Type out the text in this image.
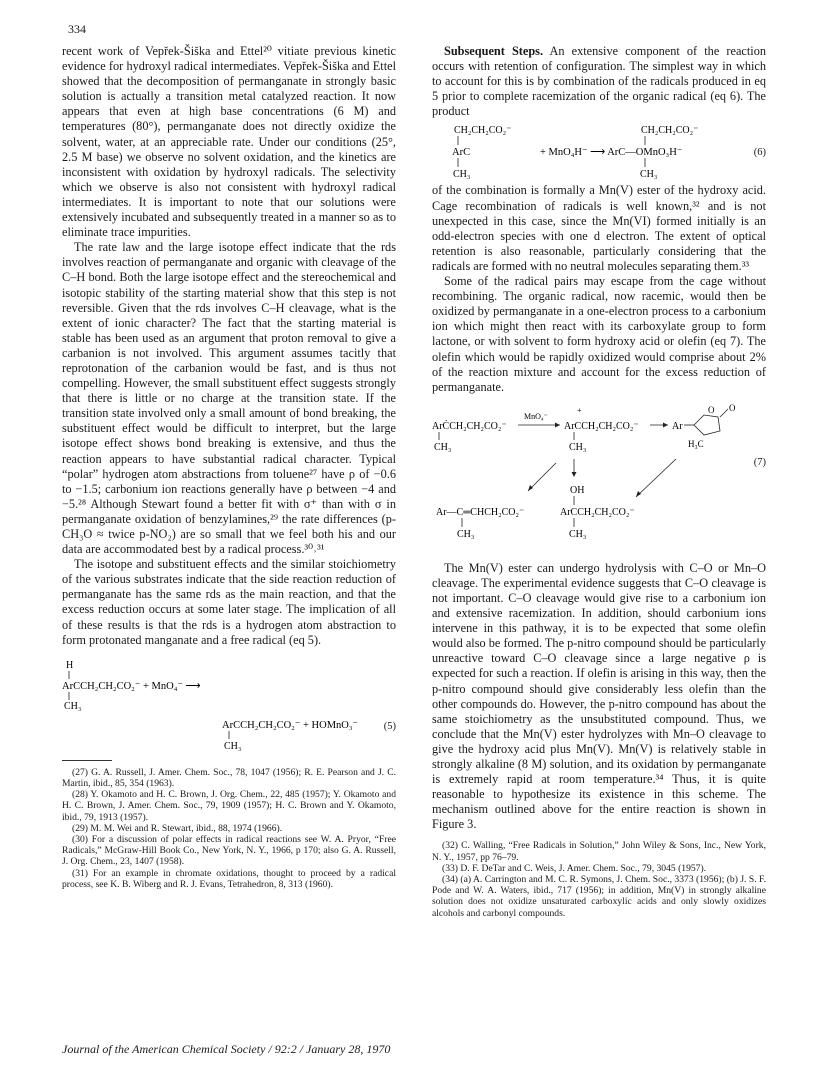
334

recent work of Vepřek-Šiška and Ettel²⁰ vitiate previous kinetic evidence for hydroxyl radical intermediates. Vepřek-Šiška and Ettel showed that the decomposition of permanganate in strongly basic solution is actually a transition metal catalyzed reaction. It now appears that even at high base concentrations (6 M) and temperatures (80°), permanganate does not directly oxidize the solvent, water, at an appreciable rate. Under our conditions (25°, 2.5 M base) we observe no solvent oxidation, and the kinetics are inconsistent with oxidation by hydroxyl radicals. The selectivity which we observe is also not consistent with hydroxyl radical intermediates. It is important to note that our solutions were extensively incubated and subsequently treated in a manner so as to eliminate trace impurities.

The rate law and the large isotope effect indicate that the rds involves reaction of permanganate and organic with cleavage of the C–H bond. Both the large isotope effect and the stereochemical and isotopic stability of the starting material show that this step is not reversible. Given that the rds involves C–H cleavage, what is the extent of ionic character? The fact that the starting material is stable has been used as an argument that proton removal to give a carbanion is not involved. This argument assumes tacitly that reprotonation of the carbanion would be fast, and is thus not compelling. However, the small substituent effect suggests strongly that there is little or no charge at the transition state. If the transition state involved only a small amount of bond breaking, the substituent effect would be difficult to interpret, but the large isotope effect shows bond breaking is extensive, and thus the reaction appears to have substantial radical character. Typical “polar” hydrogen atom abstractions from toluene²⁷ have ρ of −0.6 to −1.5; carbonium ion reactions generally have ρ between −4 and −5.²⁸ Although Stewart found a better fit with σ⁺ than with σ in permanganate oxidation of benzylamines,²⁹ the rate differences (p-CH₃O ≈ twice p-NO₂) are so small that we feel both his and our data are accommodated best by a radical process.³⁰˒³¹

The isotope and substituent effects and the similar stoichiometry of the various substrates indicate that the side reaction reduction of permanganate has the same rds as the main reaction, and that the excess reduction occurs at some later stage. The implication of all of these results is that the rds is a hydrogen atom abstraction to form protonated manganate and a free radical (eq 5).

H
ArCCH₂CH₂CO₂⁻ + MnO₄⁻ ⟶
CH₃
ArCCH₂CH₂CO₂⁻ + HOMnO₃⁻
CH₃
(5)

(27) G. A. Russell, J. Amer. Chem. Soc., 78, 1047 (1956); R. E. Pearson and J. C. Martin, ibid., 85, 354 (1963).

(28) Y. Okamoto and H. C. Brown, J. Org. Chem., 22, 485 (1957); Y. Okamoto and H. C. Brown, J. Amer. Chem. Soc., 79, 1909 (1957); H. C. Brown and Y. Okamoto, ibid., 79, 1913 (1957).

(29) M. M. Wei and R. Stewart, ibid., 88, 1974 (1966).

(30) For a discussion of polar effects in radical reactions see W. A. Pryor, “Free Radicals,” McGraw-Hill Book Co., New York, N. Y., 1966, p 170; also G. A. Russell, J. Org. Chem., 23, 1407 (1958).

(31) For an example in chromate oxidations, thought to proceed by a radical process, see K. B. Wiberg and R. J. Evans, Tetrahedron, 8, 313 (1960).

Subsequent Steps. An extensive component of the reaction occurs with retention of configuration. The simplest way in which to account for this is by combination of the radicals produced in eq 5 prior to complete racemization of the organic radical (eq 6). The product

CH₂CH₂CO₂⁻
ArC
CH₃
+ MnO₄H⁻ ⟶ ArC—OMnO₃H⁻
CH₂CH₂CO₂⁻
CH₃
(6)

of the combination is formally a Mn(V) ester of the hydroxy acid. Cage recombination of radicals is well known,³² and is not unexpected in this case, since the Mn(VI) formed initially is an odd-electron species with one d electron. The extent of optical retention is also reasonable, particularly considering that the radicals are formed with no neutral molecules separating them.³³

Some of the radical pairs may escape from the cage without recombining. The organic radical, now racemic, would then be oxidized by permanganate in a one-electron process to a carbonium ion which might then react with its carboxylate group to form lactone, or with solvent to form hydroxy acid or olefin (eq 7). The olefin which would be rapidly oxidized would comprise about 2% of the reaction mixture and account for the excess reduction of permanganate.

ArĊCH₂CH₂CO₂⁻
CH₃
MnO₄⁻
+
ArCCH₂CH₂CO₂⁻
CH₃
Ar
O O
H₃C
OH
Ar—C═CHCH₂CO₂⁻
CH₃
ArCCH₂CH₂CO₂⁻
CH₃
(7)

The Mn(V) ester can undergo hydrolysis with C–O or Mn–O cleavage. The experimental evidence suggests that C–O cleavage is not important. C–O cleavage would give rise to a carbonium ion and extensive racemization. In addition, should carbonium ions intervene in this pathway, it is to be expected that some olefin would also be formed. The p-nitro compound should be particularly unreactive toward C–O cleavage since a large negative ρ is expected for such a reaction. If olefin is arising in this way, then the p-nitro compound should give considerably less olefin than the other compounds do. However, the p-nitro compound has about the same stoichiometry as the unsubstituted compound. Thus, we conclude that the Mn(V) ester hydrolyzes with Mn–O cleavage to give the hydroxy acid plus Mn(V). Mn(V) is relatively stable in strongly alkaline (8 M) solution, and its oxidation by permanganate is extremely rapid at room temperature.³⁴ Thus, it is quite reasonable to hypothesize its existence in this scheme. The mechanism outlined above for the entire reaction is shown in Figure 3.

(32) C. Walling, “Free Radicals in Solution,” John Wiley & Sons, Inc., New York, N. Y., 1957, pp 76–79.

(33) D. F. DeTar and C. Weis, J. Amer. Chem. Soc., 79, 3045 (1957).

(34) (a) A. Carrington and M. C. R. Symons, J. Chem. Soc., 3373 (1956); (b) J. S. F. Pode and W. A. Waters, ibid., 717 (1956); in addition, Mn(V) in strongly alkaline solution does not oxidize unsaturated carboxylic acids and only slowly oxidizes alcohols and carbonyl compounds.

Journal of the American Chemical Society / 92:2 / January 28, 1970
